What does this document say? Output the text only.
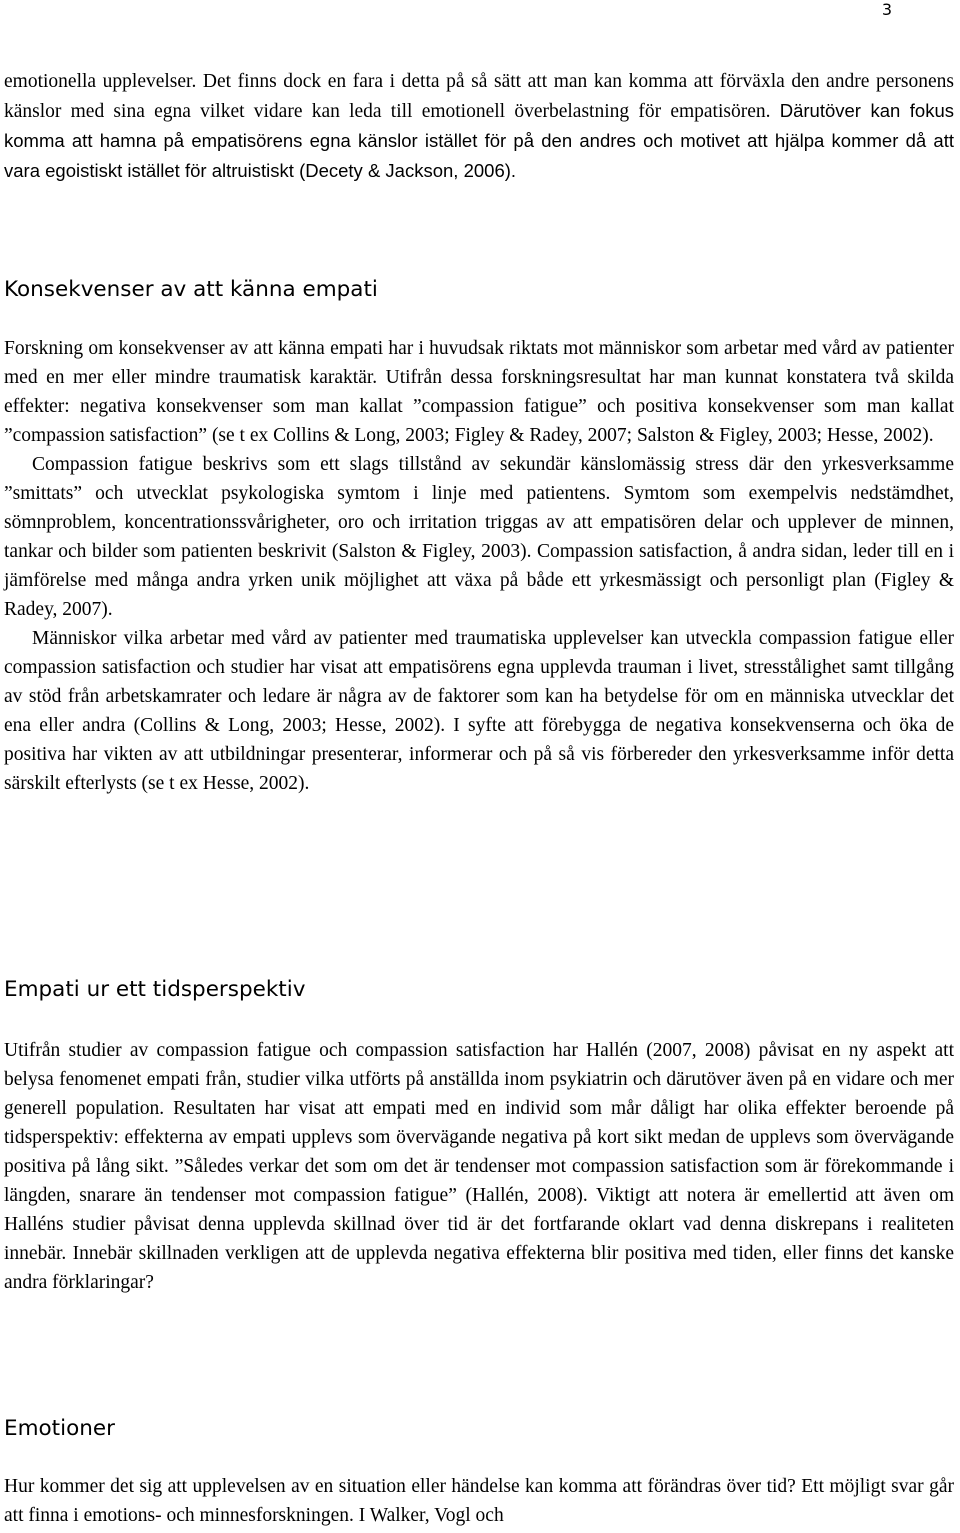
3

emotionella upplevelser. Det finns dock en fara i detta på så sätt att man kan komma att förväxla den andre personens känslor med sina egna vilket vidare kan leda till emotionell överbelastning för empatisören. Därutöver kan fokus komma att hamna på empatisörens egna känslor istället för på den andres och motivet att hjälpa kommer då att vara egoistiskt istället för altruistiskt (Decety & Jackson, 2006).

Konsekvenser av att känna empati

Forskning om konsekvenser av att känna empati har i huvudsak riktats mot människor som arbetar med vård av patienter med en mer eller mindre traumatisk karaktär. Utifrån dessa forskningsresultat har man kunnat konstatera två skilda effekter: negativa konsekvenser som man kallat ”compassion fatigue” och positiva konsekvenser som man kallat ”compassion satisfaction” (se t ex Collins & Long, 2003; Figley & Radey, 2007; Salston & Figley, 2003; Hesse, 2002).

Compassion fatigue beskrivs som ett slags tillstånd av sekundär känslomässig stress där den yrkesverksamme ”smittats” och utvecklat psykologiska symtom i linje med patientens. Symtom som exempelvis nedstämdhet, sömnproblem, koncentrationssvårigheter, oro och irritation triggas av att empatisören delar och upplever de minnen, tankar och bilder som patienten beskrivit (Salston & Figley, 2003). Compassion satisfaction, å andra sidan, leder till en i jämförelse med många andra yrken unik möjlighet att växa på både ett yrkesmässigt och personligt plan (Figley & Radey, 2007).

Människor vilka arbetar med vård av patienter med traumatiska upplevelser kan utveckla compassion fatigue eller compassion satisfaction och studier har visat att empatisörens egna upplevda trauman i livet, stresstålighet samt tillgång av stöd från arbetskamrater och ledare är några av de faktorer som kan ha betydelse för om en människa utvecklar det ena eller andra (Collins & Long, 2003; Hesse, 2002). I syfte att förebygga de negativa konsekvenserna och öka de positiva har vikten av att utbildningar presenterar, informerar och på så vis förbereder den yrkesverksamme inför detta särskilt efterlysts (se t ex Hesse, 2002).

Empati ur ett tidsperspektiv

Utifrån studier av compassion fatigue och compassion satisfaction har Hallén (2007, 2008) påvisat en ny aspekt att belysa fenomenet empati från, studier vilka utförts på anställda inom psykiatrin och därutöver även på en vidare och mer generell population. Resultaten har visat att empati med en individ som mår dåligt har olika effekter beroende på tidsperspektiv: effekterna av empati upplevs som övervägande negativa på kort sikt medan de upplevs som övervägande positiva på lång sikt. ”Således verkar det som om det är tendenser mot compassion satisfaction som är förekommande i längden, snarare än tendenser mot compassion fatigue” (Hallén, 2008). Viktigt att notera är emellertid att även om Halléns studier påvisat denna upplevda skillnad över tid är det fortfarande oklart vad denna diskrepans i realiteten innebär. Innebär skillnaden verkligen att de upplevda negativa effekterna blir positiva med tiden, eller finns det kanske andra förklaringar?

Emotioner

Hur kommer det sig att upplevelsen av en situation eller händelse kan komma att förändras över tid? Ett möjligt svar går att finna i emotions- och minnesforskningen. I Walker, Vogl och
